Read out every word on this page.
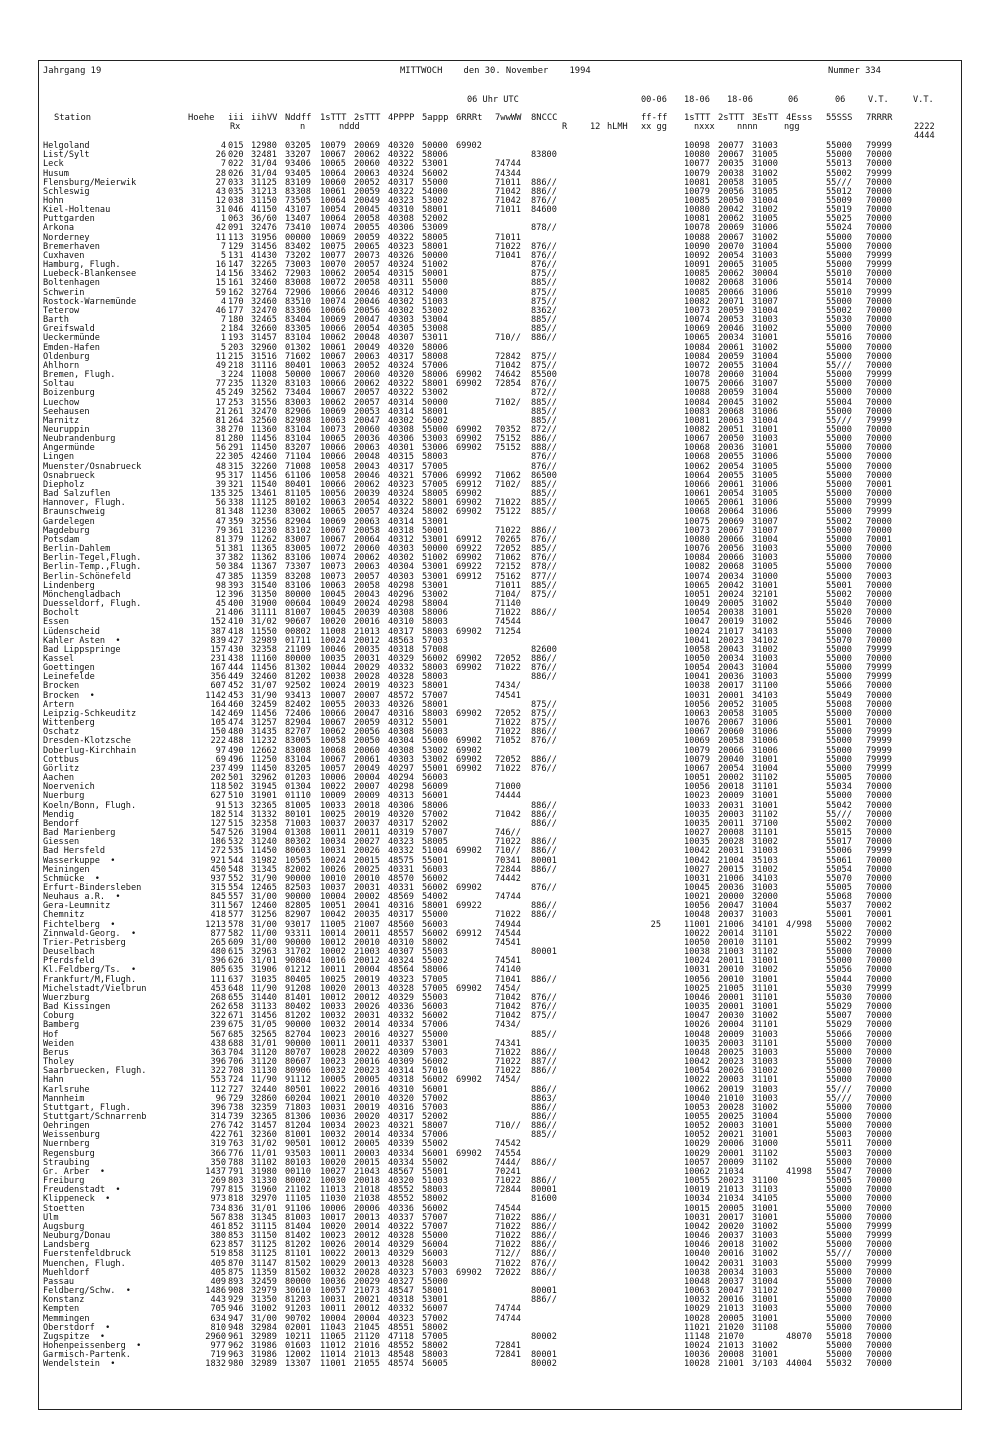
Jahrgang 19	MITTWOCH    den 30. November    1994	Nummer 334
06 Uhr UTC	00-06 18-06 18-06	06	06	V.T.	V.T.
Station	Hoehe iii iihVV Nddff 1sTTT 2sTTT 4PPPP 5appp 6RRRt 7wwWW 8NCCC	ff-ff 1sTTT 2sTTT 3EsTT 4Esss 55SSS 7RRRR
Rx	n	nddd	R	12 hLMH xx gg	nxxx	nnnn	ngg	2222
4444
Helgoland	4 015 12980 03205 10079 20069 40320 50000 69902	10098 20077 31003	55000 79999
List/Sylt	26 020 32481 33207 10067 20062 40322 58006	83800	10080 20067 31005	55000 70000
Leck	7 022 31/04 93406 10065 20060 40322 53001	74744	10077 20035 31000	55013 70000
Husum	28 026 31/04 93405 10064 20063 40324 56002	74344	10079 20038 31002	55002 79999
Flensburg/Meierwik	27 033 31125 83109 10060 20052 40317 55000	71011 886//	10081 20058 31005	55/// 70000
Schleswig	43 035 31213 83308 10061 20059 40322 54000	71042 886//	10079 20056 31005	55012 70000
Hohn	12 038 31150 73505 10064 20049 40323 53002	71042 876//	10085 20050 31004	55009 70000
Kiel-Holtenau	31 046 41150 43107 10054 20045 40310 58001	71011 84600	10080 20042 31002	55019 70000
Puttgarden	1 063 36/60 13407 10064 20058 40308 52002	10081 20062 31005	55025 70000
Arkona	42 091 32476 73410 10074 20055 40306 53009	878//	10078 20069 31006	55024 70000
Norderney	11 113 31956 00000 10069 20059 40322 58005	71011	10088 20067 31002	55000 70000
Bremerhaven	7 129 31456 83402 10075 20065 40323 58001	71022 876//	10090 20070 31004	55000 70000
Cuxhaven	5 131 41430 73202 10077 20073 40326 50000	71041 876//	10092 20054 31003	55000 79999
Hamburg, Flugh.	16 147 32265 73003 10070 20057 40324 51002	876//	10091 20065 31005	55000 79999
Luebeck-Blankensee	14 156 33462 72903 10062 20054 40315 50001	875//	10085 20062 30004	55010 70000
Boltenhagen	15 161 32460 83008 10072 20058 40311 55000	885//	10082 20068 31006	55014 70000
Schwerin	59 162 32764 72906 10066 20046 40312 54000	875//	10085 20066 31006	55010 79999
Rostock-Warnemünde	4 170 32460 83510 10074 20046 40302 51003	875//	10082 20071 31007	55000 70000
Teterow	46 177 32470 83306 10066 20056 40302 53002	8362/	10073 20059 31004	55002 70000
Barth	7 180 32465 83404 10069 20047 40303 53004	885//	10074 20053 31003	55030 70000
Greifswald	2 184 32660 83305 10066 20054 40305 53008	885//	10069 20046 31002	55000 70000
Ueckermünde	1 193 31457 83104 10062 20048 40307 53011	710// 886//	10065 20034 31001	55016 70000
Emden-Hafen	5 203 32960 01302 10061 20049 40320 58006	10084 20061 31002	55000 70000
Oldenburg	11 215 31516 71602 10067 20063 40317 58008	72842 875//	10084 20059 31004	55000 70000
Ahlhorn	49 218 31116 80401 10063 20052 40324 57006	71042 875//	10072 20055 31004	55/// 70000
Bremen, Flugh.	3 224 11008 50000 10067 20060 40320 58006 69902 74642 85500	10078 20060 31004	55000 79999
Soltau	77 235 11320 83103 10066 20062 40322 58001 69902 72854 876//	10075 20066 31007	55000 70000
Boizenburg	45 249 32562 73404 10067 20057 40322 53002	872//	10088 20059 31004	55000 70000
Luechow	17 253 31556 83003 10062 20057 40314 50000	7102/ 885//	10084 20045 31002	55004 70000
Seehausen	21 261 32470 82906 10069 20053 40314 58001	885//	10083 20068 31006	55000 70000
Marnitz	81 264 32560 82908 10063 20047 40302 56002	885//	10081 20063 31004	55/// 79999
Neuruppin	38 270 11360 83104 10073 20060 40308 55000 69902 70352 872//	10082 20051 31001	55000 70000
Neubrandenburg	81 280 11456 83104 10065 20036 40306 53003 69902 75152 886//	10067 20050 31003	55000 70000
Angermünde	56 291 11450 83207 10066 20063 40301 53006 69902 75152 888//	10068 20036 31001	55000 70000
Lingen	22 305 42460 71104 10066 20048 40315 58003	876//	10068 20055 31006	55000 70000
Muenster/Osnabrueck	48 315 32260 71008 10058 20043 40317 57005	876//	10062 20054 31005	55000 70000
Osnabrueck	95 317 11456 61106 10058 20046 40321 57006 69992 71062 86500	10064 20055 31005	55000 70000
Diepholz	39 321 11540 80401 10066 20062 40323 57005 69912 7102/ 885//	10066 20061 31006	55000 70001
Bad Salzuflen	135 325 13461 81105 10056 20039 40324 58005 69902	885//	10061 20054 31005	55000 70000
Hannover, Flugh.	56 338 11125 80102 10063 20054 40322 58001 69902 71022 885//	10065 20061 31006	55000 79999
Braunschweig	81 348 11230 83002 10065 20057 40324 58002 69902 75122 885//	10068 20064 31006	55000 79999
Gardelegen	47 359 32556 82904 10069 20063 40314 53001	10075 20069 31007	55002 70000
Magdeburg	79 361 31230 83102 10067 20058 40318 50001	71022 886//	10073 20067 31007	55000 70000
Potsdam	81 379 11262 83007 10067 20064 40312 53001 69912 70265 876//	10080 20066 31004	55000 70001
Berlin-Dahlem	51 381 11365 83005 10072 20060 40303 50000 69922 72052 885//	10076 20056 31003	55000 70000
Berlin-Tegel,Flugh.	37 382 11362 83106 10074 20062 40302 51002 69902 71062 876//	10084 20066 31003	55000 70000
Berlin-Temp.,Flugh.	50 384 11367 73307 10073 20063 40304 53001 69922 72152 878//	10082 20068 31005	55000 70000
Berlin-Schönefeld	47 385 11359 83208 10073 20057 40303 53001 69912 75162 877//	10074 20034 31000	55000 70003
Lindenberg	98 393 31540 83106 10063 20058 40298 53001	71011 885//	10065 20042 31001	55001 70000
Mönchengladbach	12 396 31350 80000 10045 20043 40296 53002	7104/ 875//	10051 20024 32101	55002 70000
Duesseldorf, Flugh.	45 400 31900 00604 10049 20024 40298 58004	71140	10049 20005 31002	55040 70000
Bocholt	21 406 31111 81007 10045 20039 40308 58006	71022 886//	10054 20038 31001	55020 70000
Essen	152 410 31/02 90607 10020 20016 40310 58003	74544	10047 20019 31002	55046 70000
Lüdenscheid	387 418 11550 00802 11008 21013 40317 58003 69902 71254	10024 21017 34103	55000 70000
Kahler Asten  •	839 427 32989 01711 10024 20012 48563 57003	10041 20023 34102	55070 70000
Bad Lippspringe	157 430 32358 21109 10046 20035 40318 57008	82600	10058 20043 31002	55000 79999
Kassel	231 438 11160 80000 10035 20031 40329 56002 69902 72052 886//	10050 20034 31003	55000 70000
Goettingen	167 444 11456 81302 10044 20029 40332 58003 69902 71022 876//	10054 20043 31004	55000 79999
Leinefelde	356 449 32460 81202 10038 20028 40328 58003	886//	10041 20036 31003	55000 79999
Brocken	607 452 31/07 92502 10024 20019 40323 58001	7434/	10038 20017 31100	55066 70000
Brocken  •	1142 453 31/90 93413 10007 20007 48572 57007	74541	10031 20001 34103	55049 70000
Artern	164 460 32459 82402 10055 20033 40326 58001	875//	10056 20052 31005	55008 70000
Leipzig-Schkeuditz	142 469 11456 72406 10066 20047 40316 58003 69902 72052 875//	10063 20058 31005	55000 70000
Wittenberg	105 474 31257 82904 10067 20059 40312 55001	71022 875//	10076 20067 31006	55001 70000
Oschatz	150 480 31435 82707 10062 20056 40308 56003	71022 886//	10067 20060 31006	55000 79999
Dresden-Klotzsche	222 488 11232 83005 10058 20050 40304 55000 69902 71052 876//	10069 20058 31006	55000 79999
Doberlug-Kirchhain	97 490 12662 83008 10068 20060 40308 53002 69902	10079 20066 31006	55000 79999
Cottbus	69 496 11250 83104 10067 20061 40303 53002 69902 72052 886//	10079 20040 31001	55000 79999
Görlitz	237 499 11450 83205 10057 20049 40297 55001 69902 71022 876//	10067 20054 31004	55000 79999
Aachen	202 501 32962 01203 10006 20004 40294 56003	10051 20002 31102	55005 70000
Noervenich	118 502 31945 01304 10022 20007 40298 56009	71000	10056 20018 31101	55034 70000
Nuerburg	627 510 31901 01110 10009 20009 40313 56001	74444	10023 20009 31001	55000 70000
Koeln/Bonn, Flugh.	91 513 32365 81005 10033 20018 40306 58006	886//	10033 20031 31001	55042 70000
Mendig	182 514 31332 80101 10025 20019 40320 57002	71042 886//	10035 20003 31102	55/// 70000
Bendorf	127 515 32358 71003 10037 20037 40317 52002	886//	10035 20011 37100	55002 70000
Bad Marienberg	547 526 31904 01308 10011 20011 40319 57007	746//	10027 20008 31101	55015 70000
Giessen	186 532 31240 80302 10034 20027 40323 58005	71022 886//	10035 20028 31002	55017 70000
Bad Hersfeld	272 535 11450 80603 10031 20026 40332 51004 69902 710// 886//	10042 20031 31003	55006 79999
Wasserkuppe  •	921 544 31982 10505 10024 20015 48575 55001	70341 80001	10042 21004 35103	55061 70000
Meiningen	450 548 31345 82002 10026 20025 40331 56003	72844 886//	10027 20015 31002	55054 70000
Schmücke  •	937 552 31/90 90000 10010 20010 48570 56002	74442	10031 21006 34103	55070 70000
Erfurt-Bindersleben	315 554 12465 82503 10037 20031 40331 56002 69902	876//	10045 20036 31003	55005 70000
Neuhaus a.R.  •	845 557 31/00 90000 10004 20002 48569 54002	74744	10021 20000 32000	55068 70000
Gera-Leumnitz	311 567 12460 82805 10051 20041 40316 58001 69922	886//	10056 20047 31004	55037 70002
Chemnitz	418 577 31256 82907 10042 20035 40317 55000	71022 886//	10048 20037 31003	55001 70001
Fichtelberg  •	1213 578 31/00 93017 11005 21007 48560 56003	74944	25	11001 21006 34101 4/998 55000 70002
Zinnwald-Georg.  •	877 582 11/00 93311 10014 20011 48557 56002 69912 74544	10022 20014 31101	55022 70000
Trier-Petrisberg	265 609 31/00 90000 10012 20010 40310 58002	74541	10050 20010 31101	55002 79999
Deuselbach	480 615 32963 31702 10002 21003 40307 55003	80001	10038 21003 31102	55000 70000
Pferdsfeld	396 626 31/01 90804 10016 20012 40324 55002	74541	10024 20011 31001	55000 70000
Kl.Feldberg/Ts.  •	805 635 31906 01212 10011 20004 48564 58006	74140	10031 20010 31002	55056 70000
Frankfurt/M,Flugh.	111 637 31035 80405 10025 20019 40323 57005	71041 886//	10056 20010 31001	55044 70000
Michelstadt/Vielbrun	453 648 11/90 91208 10020 20013 40328 57005 69902 7454/	10025 21005 31101	55030 79999
Wuerzburg	268 655 31440 81401 10012 20012 40329 55003	71042 876//	10046 20001 31101	55030 70000
Bad Kissingen	262 658 31133 80402 10033 20026 40336 56003	71042 876//	10035 20001 31001	55029 70000
Coburg	322 671 31456 81202 10032 20031 40332 56002	71042 875//	10047 20030 31002	55007 70000
Bamberg	239 675 31/05 90000 10032 20014 40334 57006	7434/	10026 20004 31101	55029 70000
Hof	567 685 32565 82704 10023 20016 40327 55000	885//	10048 20009 31003	55066 70000
Weiden	438 688 31/01 90000 10011 20011 40337 53001	74341	10035 20003 31101	55000 70000
Berus	363 704 31120 80707 10028 20022 40309 57003	71022 886//	10048 20025 31003	55000 70000
Tholey	396 706 31120 80607 10023 20016 40309 56002	71022 887//	10042 20023 31003	55000 70000
Saarbruecken, Flugh.	322 708 31130 80906 10032 20023 40314 57010	71022 886//	10054 20026 31002	55000 70000
Hahn	553 724 11/90 91112 10005 20005 40318 56002 69902 7454/	10022 20003 31101	55000 70000
Karlsruhe	112 727 32440 80501 10022 20016 40310 56001	886//	10062 20019 31003	55/// 70000
Mannheim	96 729 32860 60204 10021 20010 40320 57002	8863/	10040 21010 31003	55/// 70000
Stuttgart, Flugh.	396 738 32359 71803 10031 20019 40316 57003	886//	10053 20028 31002	55000 70000
Stuttgart/Schnarrenb	314 739 32365 81306 10036 20020 40317 52002	886//	10055 20025 31004	55000 70000
Oehringen	276 742 31457 81204 10034 20023 40321 58007	710// 886//	10052 20003 31001	55000 70000
Weissenburg	422 761 32360 81001 10032 20014 40334 57006	885//	10052 20021 31001	55003 70000
Nuernberg	319 763 31/02 90501 10012 20005 40339 55002	74542	10029 20006 31000	55011 70000
Regensburg	366 776 11/01 93503 10011 20003 40334 56001 69902 74554	10029 20001 31102	55003 70000
Straubing	350 788 31102 80103 10020 20015 40334 55002	7444/ 886//	10057 20009 31102	55000 70000
Gr. Arber  •	1437 791 31980 00110 10027 21043 48567 55001	70241	10062 21034	41998 55047 70000
Freiburg	269 803 31330 80002 10030 20018 40320 51003	71022 886//	10055 20023 31100	55005 70000
Freudenstadt  •	797 815 31960 21102 11013 21018 48552 58003	72844 80001	10019 21013 31103	55000 70000
Klippeneck  •	973 818 32970 11105 11030 21038 48552 58002	81600	10034 21034 34105	55000 70000
Stoetten	734 836 31/01 91106 10006 20006 40336 56002	74544	10015 20005 31001	55000 70000
Ulm	567 838 31345 81003 10017 20013 40337 57007	71022 886//	10031 20017 31001	55000 70000
Augsburg	461 852 31115 81404 10020 20014 40322 57007	71022 886//	10042 20020 31002	55000 79999
Neuburg/Donau	380 853 31150 81402 10023 20012 40328 55000	71022 886//	10046 20037 31003	55000 79999
Landsberg	623 857 31125 81202 10026 20014 40329 56004	71022 886//	10046 20018 31002	55000 70000
Fuerstenfeldbruck	519 858 31125 81101 10022 20013 40329 56003	712// 886//	10040 20016 31002	55/// 70000
Muenchen, Flugh.	405 870 31147 81502 10029 20013 40328 56003	71022 876//	10042 20031 31003	55000 79999
Muehldorf	405 875 11359 81502 10032 20028 40323 57003 69902 72022 886//	10038 20034 31003	55000 70000
Passau	409 893 32459 80000 10036 20029 40327 55000	10048 20037 31004	55000 70000
Feldberg/Schw.  •	1486 908 32979 30610 10057 21073 48547 58001	80001	10063 20047 31102	55000 70000
Konstanz	443 929 31350 81203 10031 20021 40318 53001	886//	10032 20016 31001	55000 70000
Kempten	705 946 31002 91203 10011 20012 40332 56007	74744	10029 21013 31003	55000 70000
Memmingen	634 947 31/00 90702 10004 20004 40323 57002	74744	10028 20005 31001	55000 70000
Oberstdorf  •	810 948 32984 02001 11043 21045 48551 58002	11021 21020 31108	55000 70000
Zugspitze  •	2960 961 32989 10211 11065 21120 47118 57005	80002	11148 21070	48070 55018 70000
Hohenpeissenberg  •	977 962 31986 01603 11012 21016 48552 58002	72841	10024 21013 31002	55000 70000
Garmisch-Partenk.	719 963 31986 12002 11014 21013 48548 58003	72841 80001	10036 20008 31001	55000 70000
Wendelstein  •	1832 980 32989 13307 11001 21055 48574 56005	80002	10028 21001 3/103 44004 55032 70000
